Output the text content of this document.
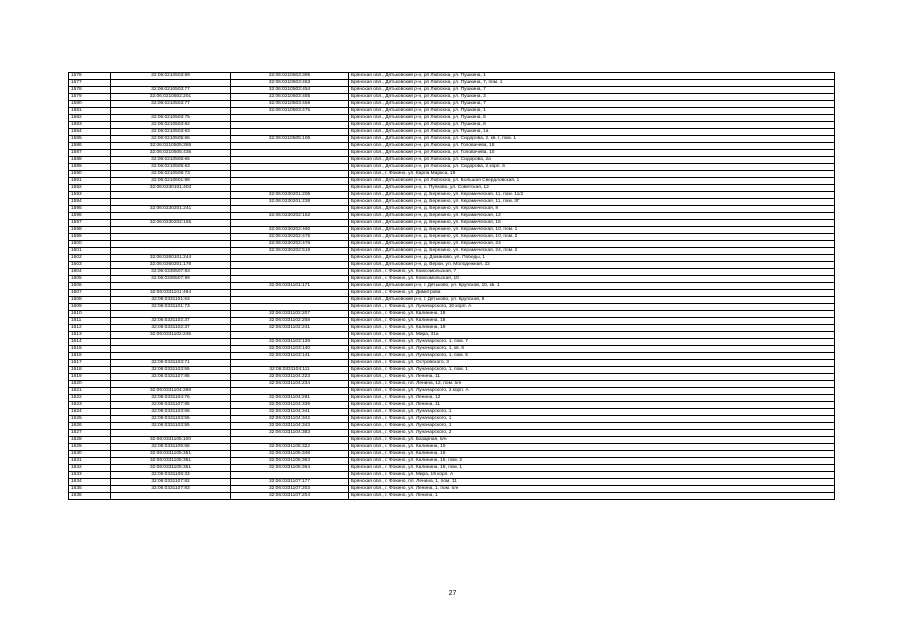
1576	32:06:0210503:69	32:06:0210503:395	Брянская обл., Дятьковский р-н, рп Любохна, ул. Пушкина, 1
1577		32:06:0210503:453	Брянская обл., Дятьковский р-н, рп Любохна, ул. Пушкина, 7, пом. 1
1578	32:06:0210503:77	32:06:0210503:454	Брянская обл., Дятьковский р-н, рп Любохна, ул. Пушкина, 7
1579	32:06:0210502:201	32:06:0210503:455	Брянская обл., Дятьковский р-н, рп Любохна, ул. Пушкина, 3
1580	32:06:0210503:77	32:06:0210503:459	Брянская обл., Дятьковский р-н, рп Любохна, ул. Пушкина, 7
1581		32:06:0210503:475	Брянская обл., Дятьковский р-н, рп Любохна, ул. Пушкина, 1
1582	32:06:0210503:75		Брянская обл., Дятьковский р-н, рп Любохна, ул. Пушкина, 5
1583	32:06:0210503:82		Брянская обл., Дятьковский р-н, рп Любохна, ул. Пушкина, 8
1584	32:06:0210503:83		Брянская обл., Дятьковский р-н, рп Любохна, ул. Пушкина, 1а
1585	32:06:0210505:66	32:06:0210505:106	Брянская обл., Дятьковский р-н, рп Любохна, ул. Сидорова, 2, кв. I, пом. 1
1586	32:06:0210505:365		Брянская обл., Дятьковский р-н, рп Любохна, ул. Головачева, 18
1587	32:06:0210505:435		Брянская обл., Дятьковский р-н, рп Любохна, ул. Головачева, 10
1588	32:06:0210505:65		Брянская обл., Дятьковский р-н, рп Любохна, ул. Сидорова, 2а
1589	32:06:0210505:63		Брянская обл., Дятьковский р-н, рп Любохна, ул. Сидорова, 2 корп. 6
1590	32:06:0210508:73		Брянская обл., г. Фокино, ул. Карла Маркса, 18
1591	32:06:0210601:98		Брянская обл., Дятьковский р-н, рп Любохна, ул. Большая Свердловская, 1
1592	32:06:0230101:404		Брянская обл., Дятьковский р-н, с. Пупково, ул. Советская, 12
1593		32:06:0230201:205	Брянская обл., Дятьковский р-н, д. Березино, ул. Керамическая, 11, пом. 11/2
1594		32:06:0230201:238	Брянская обл., Дятьковский р-н, д. Березино, ул. Керамическая, 11, пом. 3Г
1595	32:06:0230201:241		Брянская обл., Дятьковский р-н, д. Березино, ул. Керамическая, 8
1596		32:06:0230202:152	Брянская обл., Дятьковский р-н, д. Березино, ул. Керамическая, 12
1597	32:06:0230202:155		Брянская обл., Дятьковский р-н, д. Березино, ул. Керамическая, 16
1598		32:06:0230202:460	Брянская обл., Дятьковский р-н, д. Березино, ул. Керамическая, 10, пом. 1
1599		32:06:0230202:475	Брянская обл., Дятьковский р-н, д. Березино, ул. Керамическая, 10, пом. 2
1600		32:06:0230202:476	Брянская обл., Дятьковский р-н, д. Березино, ул. Керамическая, 24
1601		32:06:0230202:519	Брянская обл., Дятьковский р-н, д. Березино, ул. Керамическая, 24, пом. 2
1602	32:06:0260101:244		Брянская обл., Дятьковский р-н, д. Доманово, ул. Победы, 1
1603	32:06:0260201:178		Брянская обл., Дятьковский р-н, д. Верхи, ул. Молодежная, 22
1604	32:06:0330507:83		Брянская обл., г. Фокино, ул. Комсомольская, 7
1605	32:06:0330507:99		Брянская обл., г. Фокино, ул. Комсомольская, 10
1606		32:06:0331101:171	Брянская обл., Дятьковский р-н, г. Дятьково, ул. Крупской, 10, кв. 1
1607	32:06:0331101:494		Брянская обл., г. Фокино, ул. Димитрова
1608	32:06:0331101:53		Брянская обл., Дятьковский р-н, г. Дятьково, ул. Крупской, 8
1609	32:06:0331101:73		Брянская обл., г. Фокино, ул. Луначарского, 10 корп. А
1610		32:06:0331102:207	Брянская обл., г. Фокино, ул. Калинина, 18
1611	32:06:0331102:37	32:06:0331102:208	Брянская обл., г. Фокино, ул. Калинина, 18
1612	32:06:0331102:37	32:06:0331102:241	Брянская обл., г. Фокино, ул. Калинина, 18
1613	32:06:0331102:245		Брянская обл., г. Фокино, ул. Мира, 31а
1614		32:06:0331103:139	Брянская обл., г. Фокино, ул. Луначарского, 1, пом. 7
1615		32:06:0331103:140	Брянская обл., г. Фокино, ул. Луначарского, 1, кв. 6
1616		32:06:0331103:141	Брянская обл., г. Фокино, ул. Луначарского, 1, пом. 5
1617	32:06:0331103:71		Брянская обл., г. Фокино, ул. Островского, 3
1618	32:06:0331103:55	32:06:0331104:111	Брянская обл., г. Фокино, ул. Луначарского, 1, пом. 1
1619	32:06:0331107:85	32:06:0331104:223	Брянская обл., г. Фокино, ул. Ленина, 11
1620		32:06:0331104:234	Брянская обл., г. Фокино, пл. Ленина, 12, пом. б/н
1621	32:06:0331104:288		Брянская обл., г. Фокино, ул. Луначарского, 2 корп. А
1622	32:06:0331104:76	32:06:0331104:281	Брянская обл., г. Фокино, ул. Ленина, 12
1623	32:06:0331107:85	32:06:0331104:339	Брянская обл., г. Фокино, ул. Ленина, 11
1624	32:06:0331103:55	32:06:0331104:341	Брянская обл., г. Фокино, ул. Луначарского, 1
1625	32:06:0331103:55	32:06:0331104:342	Брянская обл., г. Фокино, ул. Луначарского, 1
1626	32:06:0331103:55	32:06:0331104:343	Брянская обл., г. Фокино, ул. Луначарского, 1
1627		32:06:0331104:383	Брянская обл., г. Фокино, ул. Луначарского, 2
1628	32:06:0331105:100		Брянская обл., г. Фокино, ул. Базарная, б/н
1629	32:06:0331105:58	32:06:0331105:322	Брянская обл., г. Фокино, ул. Калинина, 10
1630	32:06:0331105:351	32:06:0331105:348	Брянская обл., г. Фокино, ул. Калинина, 16
1631	32:06:0331105:351	32:06:0331105:363	Брянская обл., г. Фокино, ул. Калинина, 16, пом. 2
1632	32:06:0331105:351	32:06:0331105:364	Брянская обл., г. Фокино, ул. Калинина, 16, пом. 1
1633	32:06:0331106:33		Брянская обл., г. Фокино, ул. Мира, 19 корп. А
1634	32:06:0331107:82	32:06:0331107:177	Брянская обл., г. Фокино, пл. Ленина, 1, пом. 11
1635	32:06:0331107:83	32:06:0331107:203	Брянская обл., г. Фокино, ул. Ленина, 1, пом. б/н
1636		32:06:0331107:204	Брянская обл., г. Фокино, ул. Ленина, 1
27
